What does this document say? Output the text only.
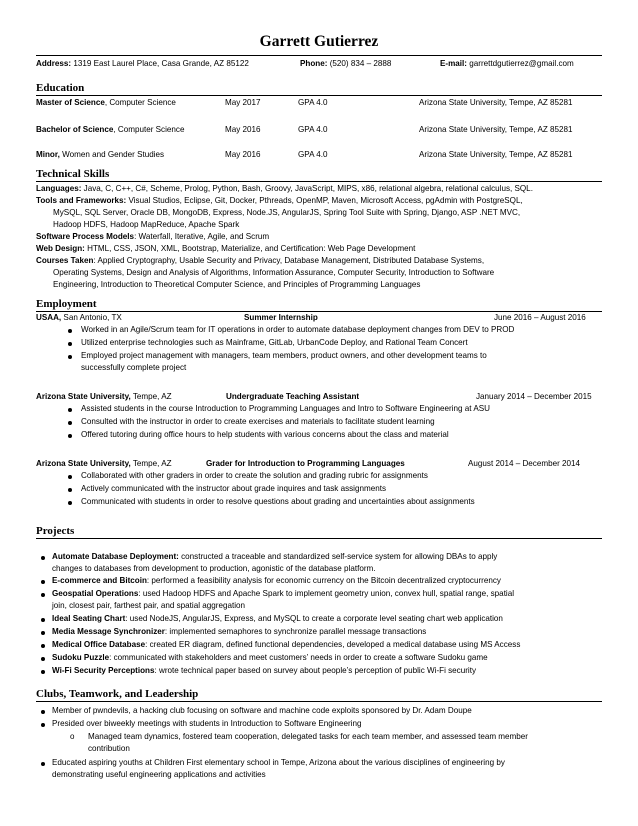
Garrett Gutierrez
Address: 1319 East Laurel Place, Casa Grande, AZ 85122	Phone: (520) 834 – 2888	E-mail: garrettdgutierrez@gmail.com
Education
Master of Science, Computer Science	May 2017	GPA 4.0	Arizona State University, Tempe, AZ 85281
Bachelor of Science, Computer Science	May 2016	GPA 4.0	Arizona State University, Tempe, AZ 85281
Minor, Women and Gender Studies	May 2016	GPA 4.0	Arizona State University, Tempe, AZ 85281
Technical Skills
Languages: Java, C, C++, C#, Scheme, Prolog, Python, Bash, Groovy, JavaScript, MIPS, x86, relational algebra, relational calculus, SQL.
Tools and Frameworks: Visual Studios, Eclipse, Git, Docker, Pthreads, OpenMP, Maven, Microsoft Access, pgAdmin with PostgreSQL,
MySQL, SQL Server, Oracle DB, MongoDB, Express, Node.JS, AngularJS, Spring Tool Suite with Spring, Django, ASP .NET MVC,
Hadoop HDFS, Hadoop MapReduce, Apache Spark
Software Process Models: Waterfall, Iterative, Agile, and Scrum
Web Design: HTML, CSS, JSON, XML, Bootstrap, Materialize, and Certification: Web Page Development
Courses Taken: Applied Cryptography, Usable Security and Privacy, Database Management, Distributed Database Systems,
Operating Systems, Design and Analysis of Algorithms, Information Assurance, Computer Security, Introduction to Software
Engineering, Introduction to Theoretical Computer Science, and Principles of Programming Languages
Employment
USAA, San Antonio, TX	Summer Internship	June 2016 – August 2016
Worked in an Agile/Scrum team for IT operations in order to automate database deployment changes from DEV to PROD
Utilized enterprise technologies such as Mainframe, GitLab, UrbanCode Deploy, and Rational Team Concert
Employed project management with managers, team members, product owners, and other development teams to
successfully complete project
Arizona State University, Tempe, AZ	Undergraduate Teaching Assistant	January 2014 – December 2015
Assisted students in the course Introduction to Programming Languages and Intro to Software Engineering at ASU
Consulted with the instructor in order to create exercises and materials to facilitate student learning
Offered tutoring during office hours to help students with various concerns about the class and material
Arizona State University, Tempe, AZ	Grader for Introduction to Programming Languages	August 2014 – December 2014
Collaborated with other graders in order to create the solution and grading rubric for assignments
Actively communicated with the instructor about grade inquires and task assignments
Communicated with students in order to resolve questions about grading and uncertainties about assignments
Projects
Automate Database Deployment: constructed a traceable and standardized self-service system for allowing DBAs to apply
changes to databases from development to production, agonistic of the database platform.
E-commerce and Bitcoin: performed a feasibility analysis for economic currency on the Bitcoin decentralized cryptocurrency
Geospatial Operations: used Hadoop HDFS and Apache Spark to implement geometry union, convex hull, spatial range, spatial
join, closest pair, farthest pair, and spatial aggregation
Ideal Seating Chart: used NodeJS, AngularJS, Express, and MySQL to create a corporate level seating chart web application
Media Message Synchronizer: implemented semaphores to synchronize parallel message transactions
Medical Office Database: created ER diagram, defined functional dependencies, developed a medical database using MS Access
Sudoku Puzzle: communicated with stakeholders and meet customers’ needs in order to create a software Sudoku game
Wi-Fi Security Perceptions: wrote technical paper based on survey about people’s perception of public Wi-Fi security
Clubs, Teamwork, and Leadership
Member of pwndevils, a hacking club focusing on software and machine code exploits sponsored by Dr. Adam Doupe
Presided over biweekly meetings with students in Introduction to Software Engineering
o Managed team dynamics, fostered team cooperation, delegated tasks for each team member, and assessed team member
contribution
Educated aspiring youths at Children First elementary school in Tempe, Arizona about the various disciplines of engineering by
demonstrating useful engineering applications and activities
